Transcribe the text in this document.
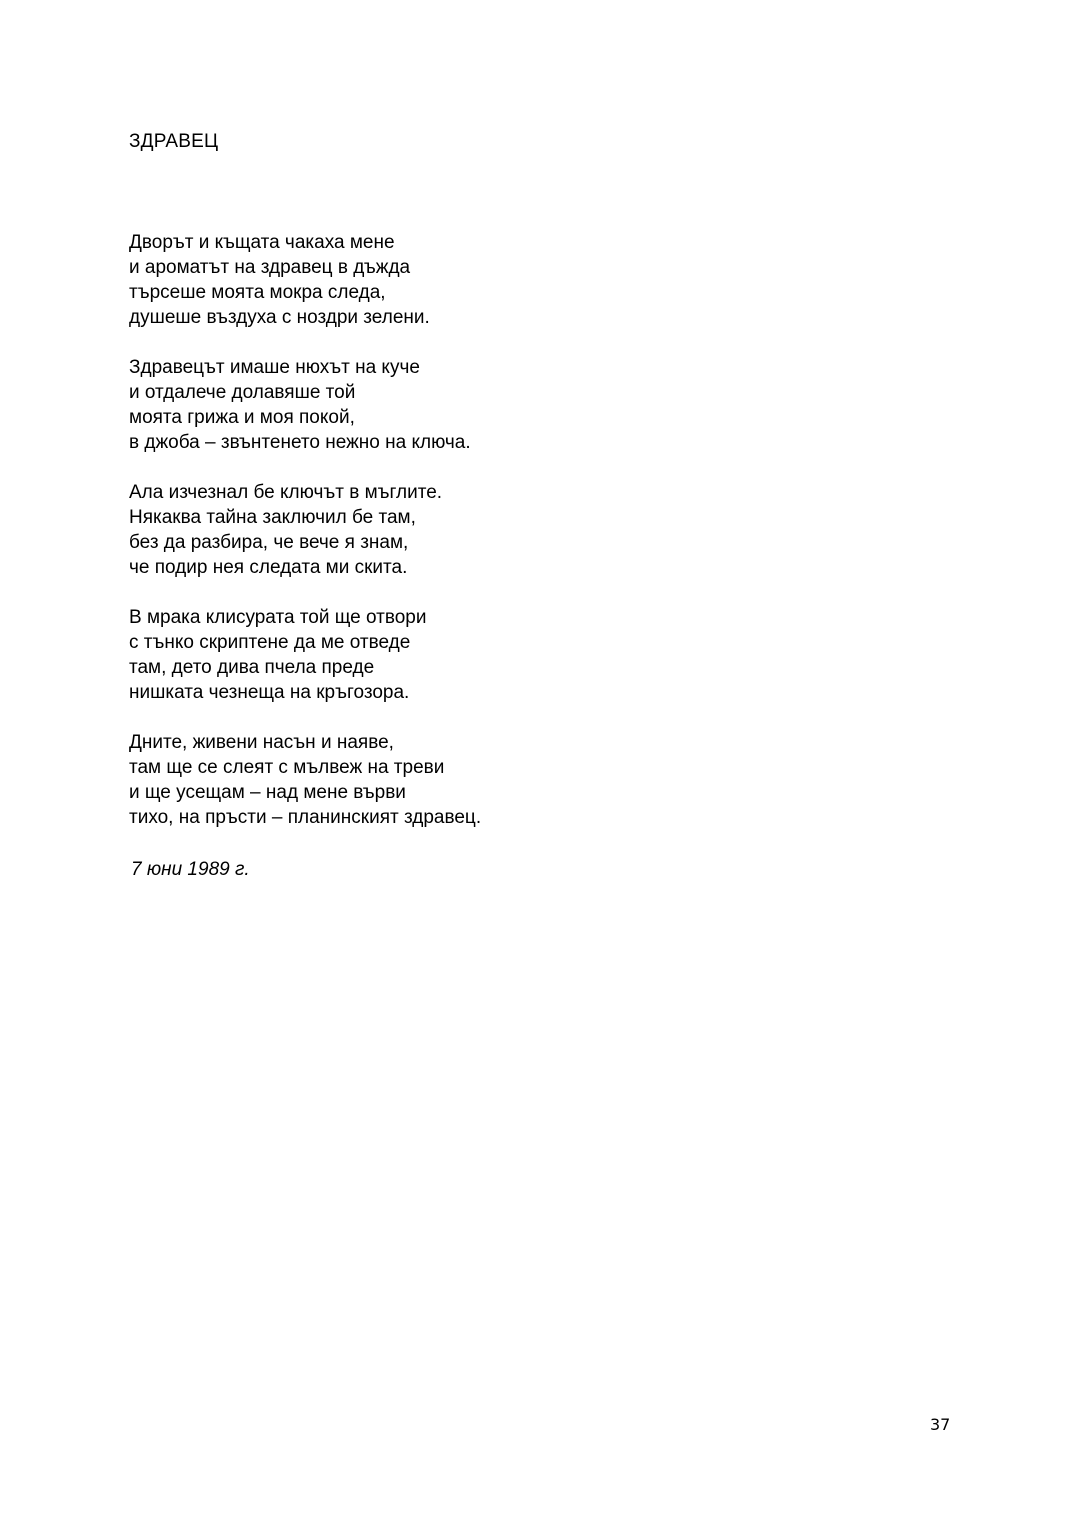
ЗДРАВЕЦ
Дворът и къщата чакаха мене
и ароматът на здравец в дъжда
търсеше моята мокра следа,
душеше въздуха с ноздри зелени.
Здравецът имаше нюхът на куче
и отдалече долавяше той
моята грижа и моя покой,
в джоба – звънтенето нежно на ключа.
Ала изчезнал бе ключът в мъглите.
Някаква тайна заключил бе там,
без да разбира, че вече я знам,
че подир нея следата ми скита.
В мрака клисурата той ще отвори
с тънко скриптене да ме отведе
там, дето дива пчела преде
нишката чезнеща на кръгозора.
Дните, живени насън и наяве,
там ще се слеят с мълвеж на треви
и ще усещам – над мене върви
тихо, на пръсти – планинският здравец.

7 юни 1989 г.

37
